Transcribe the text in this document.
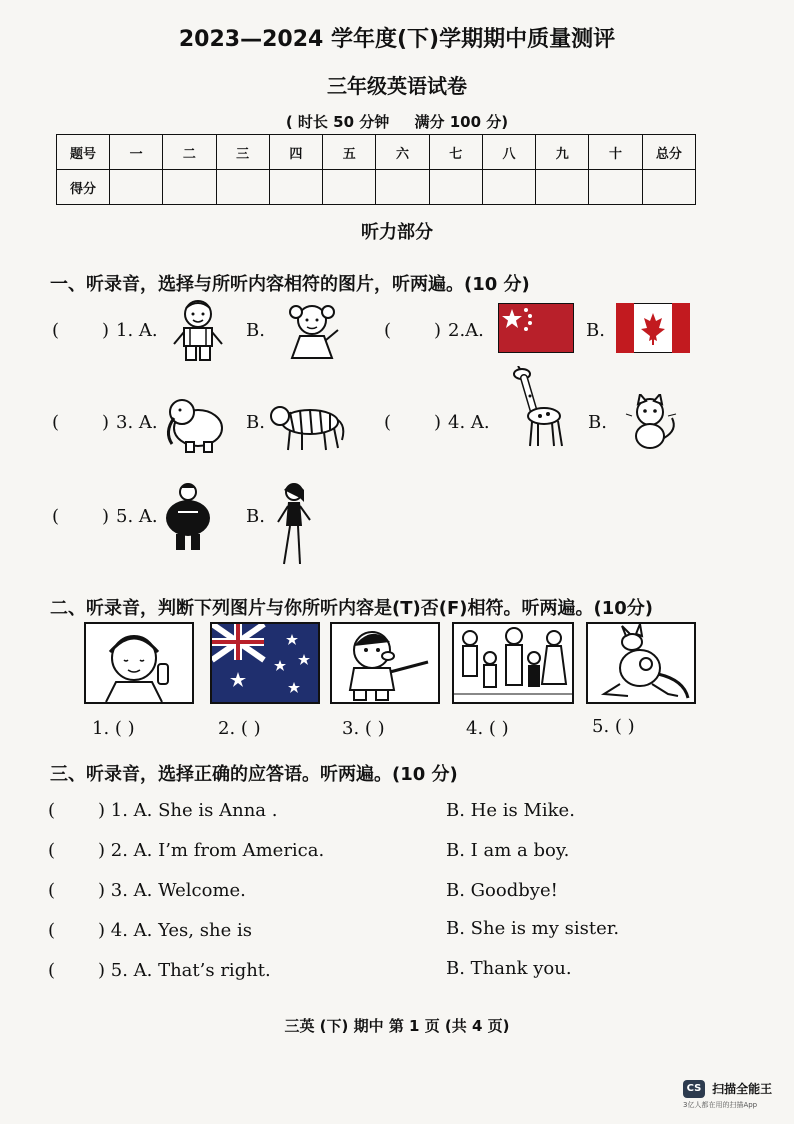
2023—2024 学年度(下)学期期中质量测评
三年级英语试卷
( 时长 50 分钟 满分 100 分)
题号	一	二	三	四	五	六	七	八	九	十	总分
得分											
听力部分
一、听录音，选择与所听内容相符的图片，听两遍。(10 分)
( ) 1. A.	B.	( ) 2.A.	B.
( ) 3. A.	B.	( ) 4. A.	B.
( ) 5. A.	B.
二、听录音，判断下列图片与你所听内容是(T)否(F)相符。听两遍。(10分)
1. ( )	2. ( )	3. ( )	4. ( )	5. ( )
三、听录音，选择正确的应答语。听两遍。(10 分)
( ) 1. A. She is Anna .	B. He is Mike.
( ) 2. A. I’m from America.	B. I am a boy.
( ) 3. A. Welcome.	B. Goodbye!
( ) 4. A. Yes, she is	B. She is my sister.
( ) 5. A. That’s right.	B. Thank you.
三英 (下) 期中 第 1 页 (共 4 页)
CS 扫描全能王
3亿人都在用的扫描App
